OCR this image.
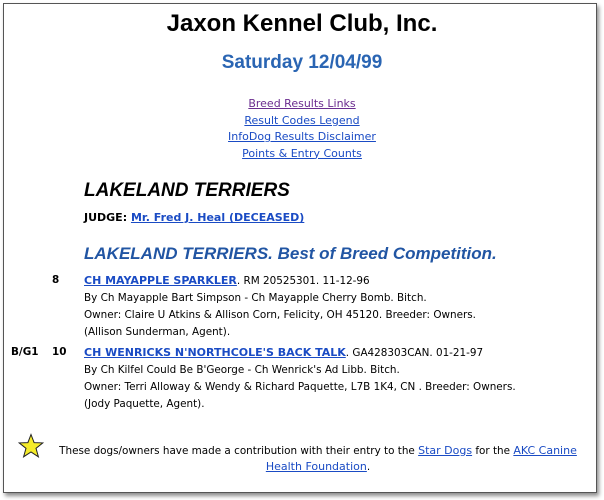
Jaxon Kennel Club, Inc.
Saturday 12/04/99
Breed Results Links
Result Codes Legend
InfoDog Results Disclaimer
Points & Entry Counts
LAKELAND TERRIERS
JUDGE: Mr. Fred J. Heal (DECEASED)
LAKELAND TERRIERS. Best of Breed Competition.
8 CH MAYAPPLE SPARKLER. RM 20525301. 11-12-96
By Ch Mayapple Bart Simpson - Ch Mayapple Cherry Bomb. Bitch.
Owner: Claire U Atkins & Allison Corn, Felicity, OH 45120. Breeder: Owners.
(Allison Sunderman, Agent).
B/G1 10 CH WENRICKS N'NORTHCOLE'S BACK TALK. GA428303CAN. 01-21-97
By Ch Kilfel Could Be B'George - Ch Wenrick's Ad Libb. Bitch.
Owner: Terri Alloway & Wendy & Richard Paquette, L7B 1K4, CN . Breeder: Owners.
(Jody Paquette, Agent).
These dogs/owners have made a contribution with their entry to the Star Dogs for the AKC Canine Health Foundation.
